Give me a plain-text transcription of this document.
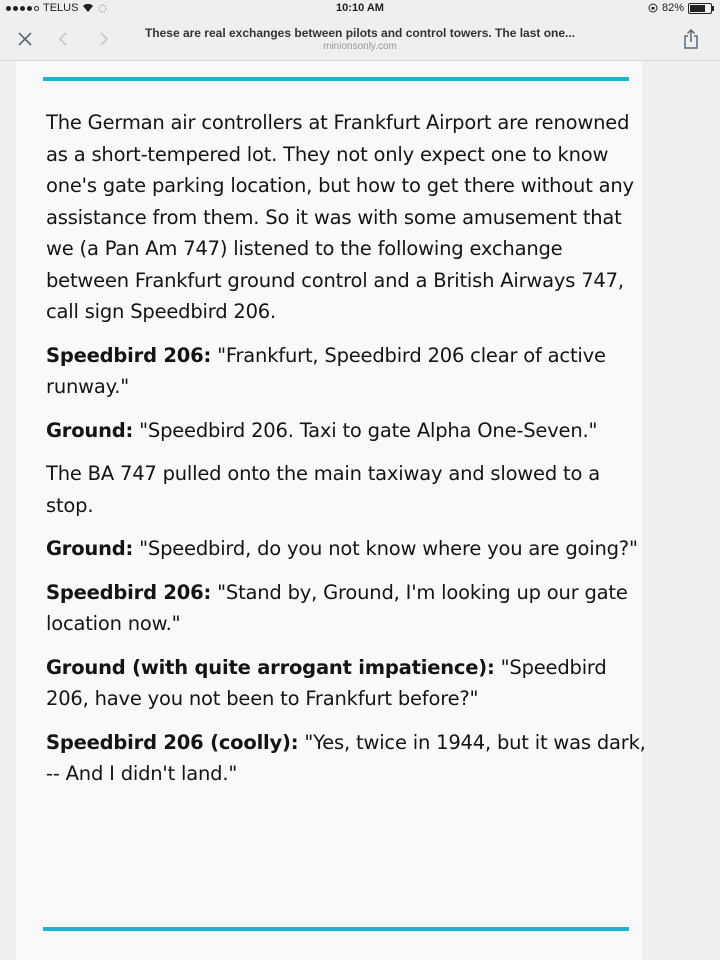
TELUS	10:10 AM	82%
These are real exchanges between pilots and control towers. The last one...
minionsonly.com

The German air controllers at Frankfurt Airport are renowned as a short-tempered lot. They not only expect one to know one's gate parking location, but how to get there without any assistance from them. So it was with some amusement that we (a Pan Am 747) listened to the following exchange between Frankfurt ground control and a British Airways 747, call sign Speedbird 206.

Speedbird 206: "Frankfurt, Speedbird 206 clear of active runway."

Ground: "Speedbird 206. Taxi to gate Alpha One-Seven."

The BA 747 pulled onto the main taxiway and slowed to a stop.

Ground: "Speedbird, do you not know where you are going?"

Speedbird 206: "Stand by, Ground, I'm looking up our gate location now."

Ground (with quite arrogant impatience): "Speedbird 206, have you not been to Frankfurt before?"

Speedbird 206 (coolly): "Yes, twice in 1944, but it was dark, -- And I didn't land."
